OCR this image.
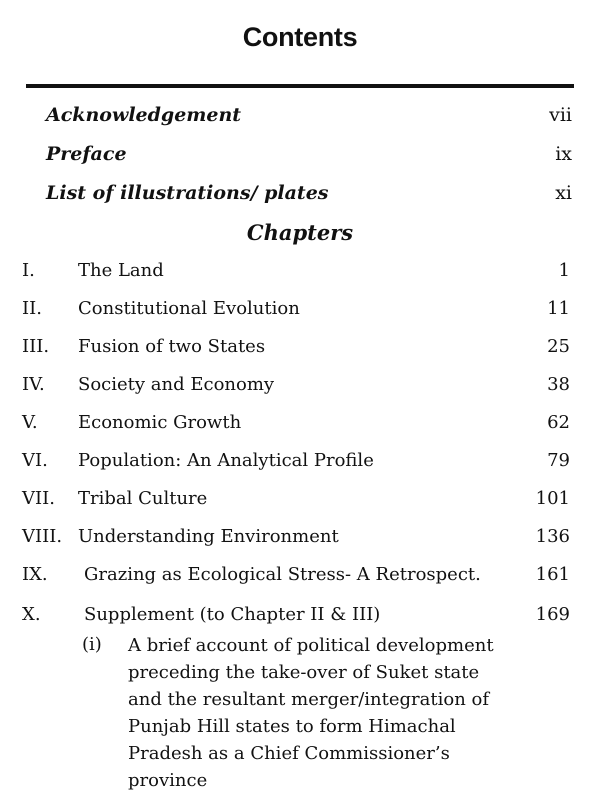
Contents
Acknowledgement	vii
Preface	ix
List of illustrations/ plates	xi
Chapters
I. The Land	1
II. Constitutional Evolution	11
III. Fusion of two States	25
IV. Society and Economy	38
V. Economic Growth	62
VI. Population: An Analytical Profile	79
VII. Tribal Culture	101
VIII. Understanding Environment	136
IX. Grazing as Ecological Stress- A Retrospect.	161
X. Supplement (to Chapter II & III)	169
(i) A brief account of political development preceding the take-over of Suket state and the resultant merger/integration of Punjab Hill states to form Himachal Pradesh as a Chief Commissioner’s province
